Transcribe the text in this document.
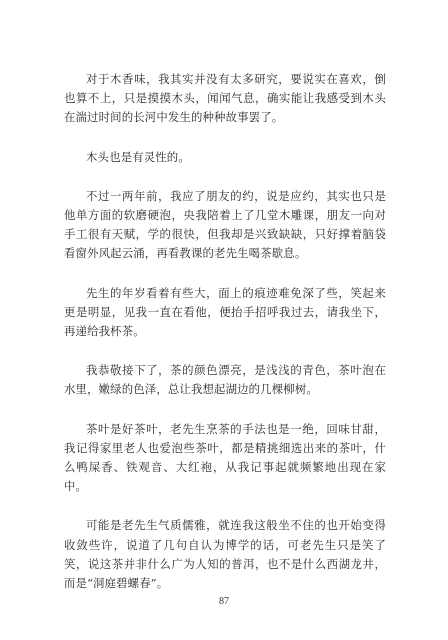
对于木香味，我其实并没有太多研究，要说实在喜欢，倒也算不上，只是摸摸木头，闻闻气息，确实能让我感受到木头在湍过时间的长河中发生的种种故事罢了。

木头也是有灵性的。

不过一两年前，我应了朋友的约，说是应约，其实也只是他单方面的软磨硬泡，央我陪着上了几堂木雕课，朋友一向对手工很有天赋，学的很快，但我却是兴致缺缺，只好撑着脑袋看窗外风起云涌，再看教课的老先生喝茶歇息。

先生的年岁看着有些大，面上的痕迹难免深了些，笑起来更是明显，见我一直在看他，便抬手招呼我过去，请我坐下，再递给我杯茶。

我恭敬接下了，茶的颜色漂亮，是浅浅的青色，茶叶泡在水里，嫩绿的色泽，总让我想起湖边的几棵柳树。

茶叶是好茶叶，老先生烹茶的手法也是一绝，回味甘甜，我记得家里老人也爱泡些茶叶，都是精挑细选出来的茶叶，什么鸭屎香、铁观音、大红袍，从我记事起就频繁地出现在家中。

可能是老先生气质儒雅，就连我这般坐不住的也开始变得收敛些许，说道了几句自认为博学的话，可老先生只是笑了笑，说这茶并非什么广为人知的普洱，也不是什么西湖龙井，而是“洞庭碧螺春”。

87
